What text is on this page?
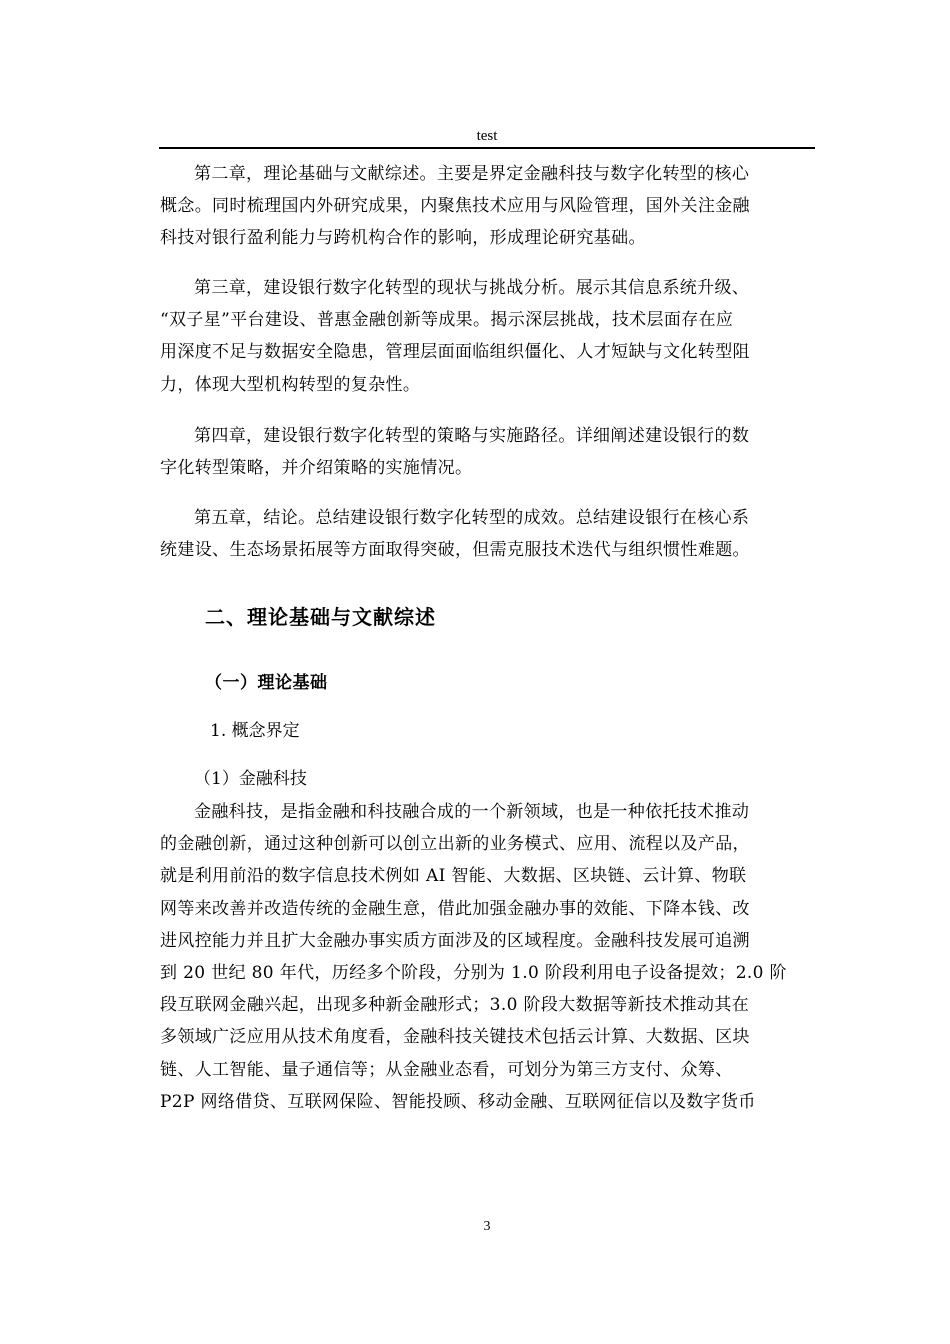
test

第二章，理论基础与文献综述。主要是界定金融科技与数字化转型的核心
概念。同时梳理国内外研究成果，内聚焦技术应用与风险管理，国外关注金融
科技对银行盈利能力与跨机构合作的影响，形成理论研究基础。

第三章，建设银行数字化转型的现状与挑战分析。展示其信息系统升级、
“双子星”平台建设、普惠金融创新等成果。揭示深层挑战，技术层面存在应
用深度不足与数据安全隐患，管理层面面临组织僵化、人才短缺与文化转型阻
力，体现大型机构转型的复杂性。

第四章，建设银行数字化转型的策略与实施路径。详细阐述建设银行的数
字化转型策略，并介绍策略的实施情况。

第五章，结论。总结建设银行数字化转型的成效。总结建设银行在核心系
统建设、生态场景拓展等方面取得突破，但需克服技术迭代与组织惯性难题。

二、理论基础与文献综述
（一）理论基础
1. 概念界定
（1）金融科技

金融科技，是指金融和科技融合成的一个新领域，也是一种依托技术推动
的金融创新，通过这种创新可以创立出新的业务模式、应用、流程以及产品，
就是利用前沿的数字信息技术例如 AI 智能、大数据、区块链、云计算、物联
网等来改善并改造传统的金融生意，借此加强金融办事的效能、下降本钱、改
进风控能力并且扩大金融办事实质方面涉及的区域程度。金融科技发展可追溯
到 20 世纪 80 年代，历经多个阶段，分别为 1.0 阶段利用电子设备提效；2.0 阶
段互联网金融兴起，出现多种新金融形式；3.0 阶段大数据等新技术推动其在
多领域广泛应用从技术角度看，金融科技关键技术包括云计算、大数据、区块
链、人工智能、量子通信等；从金融业态看，可划分为第三方支付、众筹、
P2P 网络借贷、互联网保险、智能投顾、移动金融、互联网征信以及数字货币

3
